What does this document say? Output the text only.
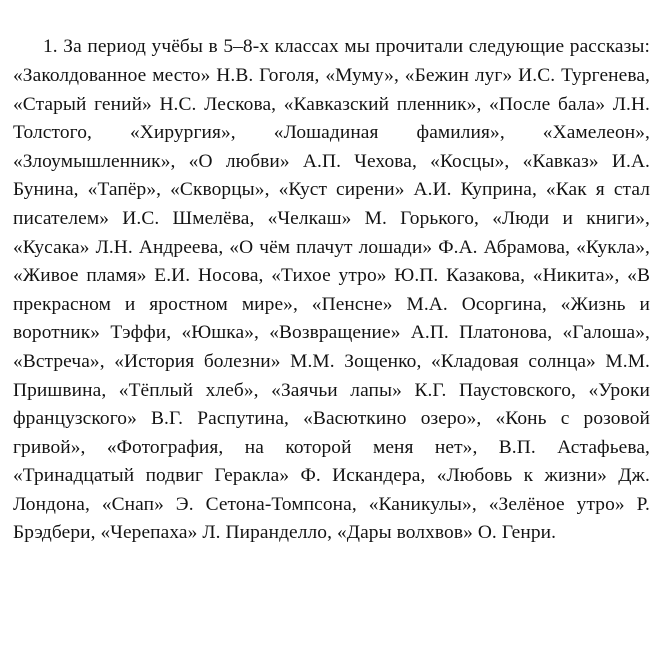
1. За период учёбы в 5–8-х классах мы прочитали следующие рассказы: «Заколдованное место» Н.В. Гоголя, «Муму», «Бежин луг» И.С. Тургенева, «Старый гений» Н.С. Лескова, «Кавказский пленник», «После бала» Л.Н. Толстого, «Хирургия», «Лошадиная фамилия», «Хамелеон», «Злоумышленник», «О любви» А.П. Чехова, «Косцы», «Кавказ» И.А. Бунина, «Тапёр», «Скворцы», «Куст сирени» А.И. Куприна, «Как я стал писателем» И.С. Шмелёва, «Челкаш» М. Горького, «Люди и книги», «Кусака» Л.Н. Андреева, «О чём плачут лошади» Ф.А. Абрамова, «Кукла», «Живое пламя» Е.И. Носова, «Тихое утро» Ю.П. Казакова, «Никита», «В прекрасном и яростном мире», «Пенсне» М.А. Осоргина, «Жизнь и воротник» Тэффи, «Юшка», «Возвращение» А.П. Платонова, «Галоша», «Встреча», «История болезни» М.М. Зощенко, «Кладовая солнца» М.М. Пришвина, «Тёплый хлеб», «Заячьи лапы» К.Г. Паустовского, «Уроки французского» В.Г. Распутина, «Васюткино озеро», «Конь с розовой гривой», «Фотография, на которой меня нет», В.П. Астафьева, «Тринадцатый подвиг Геракла» Ф. Искандера, «Любовь к жизни» Дж. Лондона, «Снап» Э. Сетона-Томпсона, «Каникулы», «Зелёное утро» Р. Брэдбери, «Черепаха» Л. Пиранделло, «Дары волхвов» О. Генри.
